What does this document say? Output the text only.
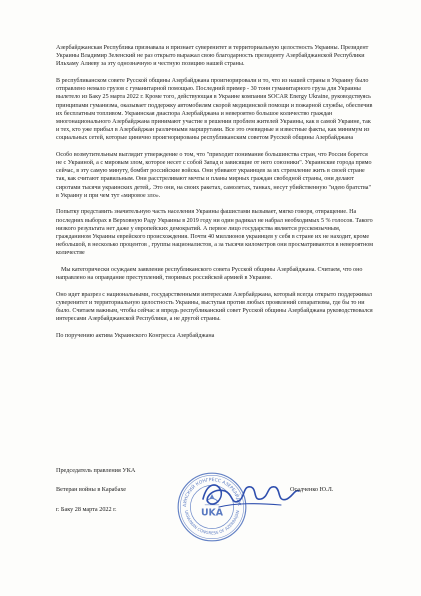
Азербайджанская Республика признавала и признает суверенитет и территориальную целостность Украины. Президент Украины Владимир Зеленский не раз открыто выражал свою благодарность президенту Азербайджанской Республики Ильхаму Алиеву за эту однозначную и честную позицию нашей страны.

В республиканском совете Русской общины Азербайджана проигнорировали и то, что из нашей страны в Украину было отправлено немало грузов с гуманитарной помощью. Последний пример - 30 тонн гуманитарного груза для Украины вылетело из Баку 25 марта 2022 г. Кроме того, действующая в Украине компания SOCAR Energy Ukraine, руководствуясь принципами гуманизма, оказывает поддержку автомобилям скорой медицинской помощи и пожарной службы, обеспечив их бесплатным топливом. Украинская диаспора Азербайджана и невероятно большое количество граждан многонационального Азербайджана принимают участие в решении проблем жителей Украины, как в самой Украине, так и тех, кто уже прибыл в Азербайджан различными маршрутами. Все это очевидные и известные факты, как минимум из социальных сетей, которые цинично проигнорированы республиканским советом Русской общины Азербайджана

Особо возмутительным выглядит утверждение о том, что "приходит понимание большинства стран, что Россия борется не с Украиной, а с мировым злом, которое несет с собой Запад и зависящие от него союзники". Украинские города прямо сейчас, в эту самую минуту, бомбят российские войска. Они убивают украинцев за их стремление жить в своей стране так, как считают правильным. Они расстреливают мечты и планы мирных граждан свободной страны, они делают сиротами тысячи украинских детей,. Это они, на своих ракетах, самолетах, танках, несут убийственную "идею братства" в Украину и при чем тут «мировое зло».

Попытку представить значительную часть населения Украины фашистами вызывает, мягко говоря, отвращение. На последних выборах в Верховную Раду Украины в 2019 году ни один радикал не набрал необходимых 5 % голосов. Такого низкого результата нет даже у европейских демократий. А первое лицо государства является русскоязычным, гражданином Украины еврейского происхождения. Почти 40 миллионов украинцев у себя в стране их не находит, кроме небольшой, в несколько процентов , группы националистов, а за тысячи километров они просматриваются в невероятном количестве

Мы категорически осуждаем заявление республиканского совета Русской общины Азербайджана. Считаем, что оно направлено на оправдание преступлений, творимых российской армией в Украине.

Оно идет вразрез с национальными, государственными интересами Азербайджана, который всегда открыто поддерживал суверенитет и территориальную целостность Украины, выступая против любых проявлений сепаратизма, где бы то ни было. Считаем важным, чтобы сейчас и впредь республиканский совет Русской общины Азербайджана руководствовался интересами Азербайджанской Республики, а не другой страны.

По поручению актива Украинского Конгресса Азербайджана

Председатель правления УКА

Ветеран войны в Карабахе

г. Баку 28 марта 2022 г.

АИНСКИЙ КОНГРЕСС АЗЕРБАЙДЖ
UKRAINIAN CONGRESS OF AZERBAIJAN
UKA
Осадченко Ю.Л.
